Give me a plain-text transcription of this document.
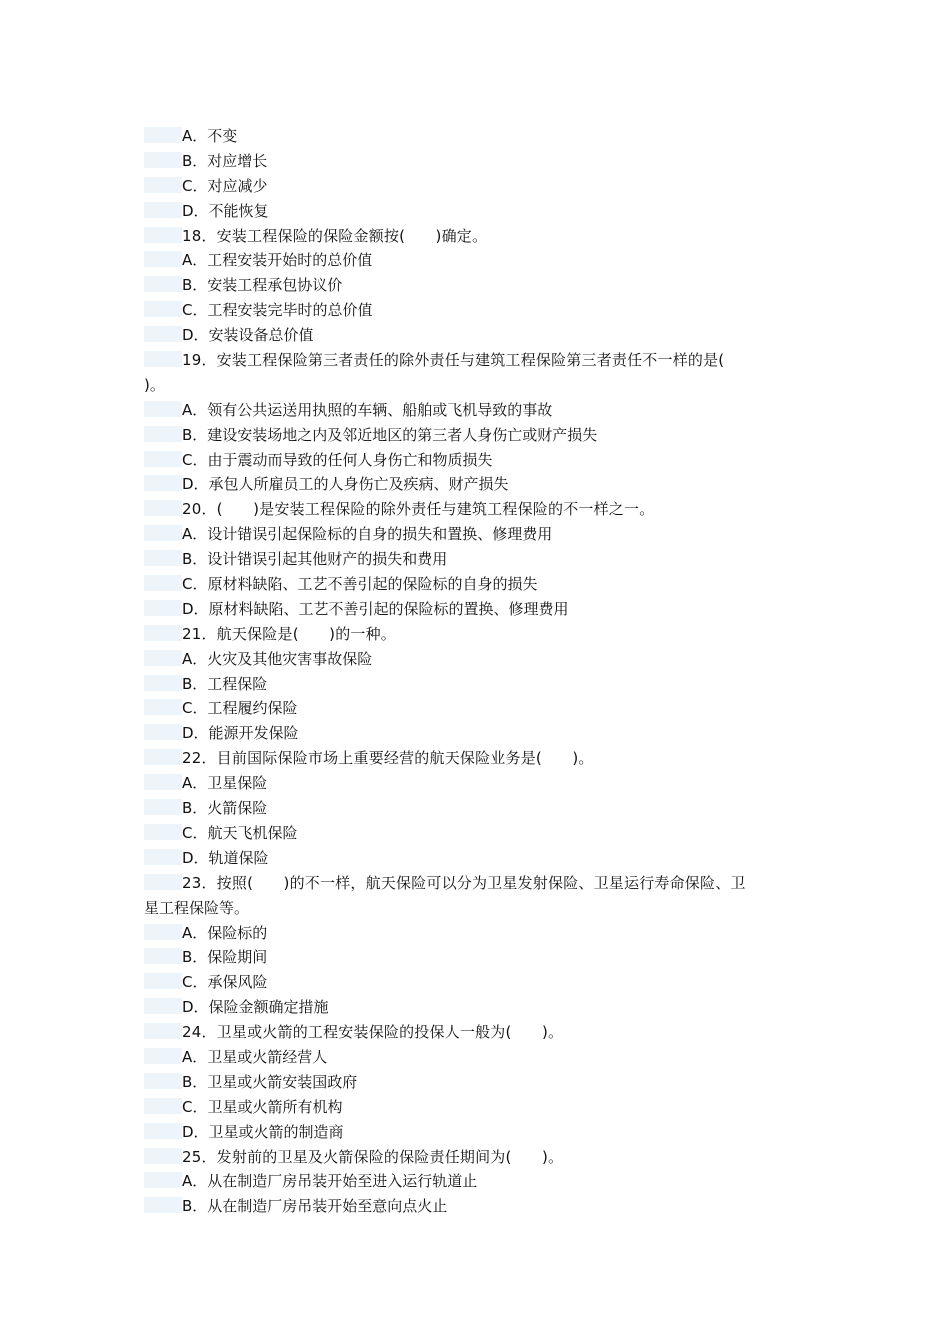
A．不变
B．对应增长
C．对应减少
D．不能恢复
18．安装工程保险的保险金额按(　　)确定。
A．工程安装开始时的总价值
B．安装工程承包协议价
C．工程安装完毕时的总价值
D．安装设备总价值
19．安装工程保险第三者责任的除外责任与建筑工程保险第三者责任不一样的是(
)。
A．领有公共运送用执照的车辆、船舶或飞机导致的事故
B．建设安装场地之内及邻近地区的第三者人身伤亡或财产损失
C．由于震动而导致的任何人身伤亡和物质损失
D．承包人所雇员工的人身伤亡及疾病、财产损失
20．(　　)是安装工程保险的除外责任与建筑工程保险的不一样之一。
A．设计错误引起保险标的自身的损失和置换、修理费用
B．设计错误引起其他财产的损失和费用
C．原材料缺陷、工艺不善引起的保险标的自身的损失
D．原材料缺陷、工艺不善引起的保险标的置换、修理费用
21．航天保险是(　　)的一种。
A．火灾及其他灾害事故保险
B．工程保险
C．工程履约保险
D．能源开发保险
22．目前国际保险市场上重要经营的航天保险业务是(　　)。
A．卫星保险
B．火箭保险
C．航天飞机保险
D．轨道保险
23．按照(　　)的不一样，航天保险可以分为卫星发射保险、卫星运行寿命保险、卫
星工程保险等。
A．保险标的
B．保险期间
C．承保风险
D．保险金额确定措施
24．卫星或火箭的工程安装保险的投保人一般为(　　)。
A．卫星或火箭经营人
B．卫星或火箭安装国政府
C．卫星或火箭所有机构
D．卫星或火箭的制造商
25．发射前的卫星及火箭保险的保险责任期间为(　　)。
A．从在制造厂房吊装开始至进入运行轨道止
B．从在制造厂房吊装开始至意向点火止
